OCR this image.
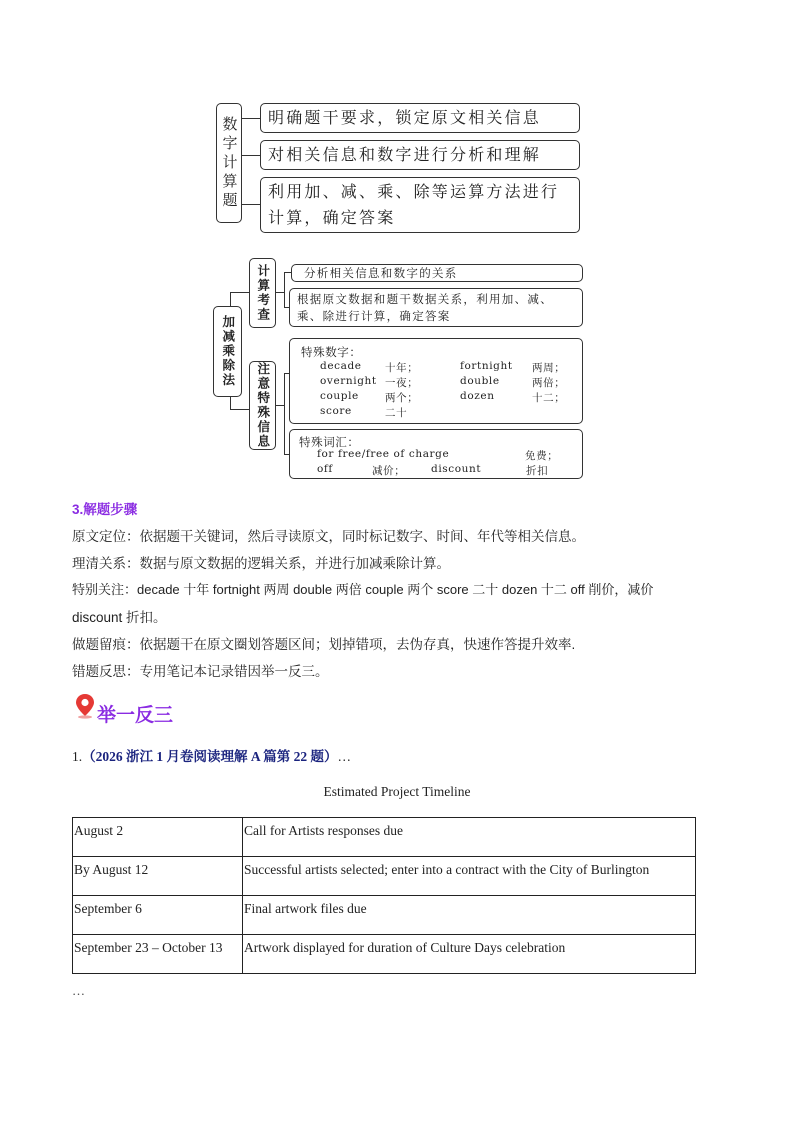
数字计算题	明确题干要求，锁定原文相关信息
对相关信息和数字进行分析和理解
利用加、减、乘、除等运算方法进行计算，确定答案
加减乘除法
计算考查
注意特殊信息
分析相关信息和数字的关系
根据原文数据和题干数据关系，利用加、减、乘、除进行计算，确定答案
特殊数字：
decade 十年；	fortnight 两周；
overnight 一夜；	double	两倍；
couple 两个；	dozen	十二；
score	二十
特殊词汇：
for free/free of charge	免费；
off	减价； discount	折扣
3.解题步骤
原文定位：依据题干关键词，然后寻读原文，同时标记数字、时间、年代等相关信息。
理清关系：数据与原文数据的逻辑关系，并进行加减乘除计算。
特别关注：decade 十年 fortnight 两周 double 两倍 couple 两个 score 二十 dozen 十二 off 削价，减价
discount 折扣。
做题留痕：依据题干在原文圈划答题区间；划掉错项，去伪存真，快速作答提升效率.
错题反思：专用笔记本记录错因举一反三。
举一反三
1.（2026 浙江 1 月卷阅读理解 A 篇第 22 题）…
Estimated Project Timeline
August 2	Call for Artists responses due
By August 12	Successful artists selected; enter into a contract with the City of Burlington
September 6	Final artwork files due
September 23 – October 13	Artwork displayed for duration of Culture Days celebration
…
